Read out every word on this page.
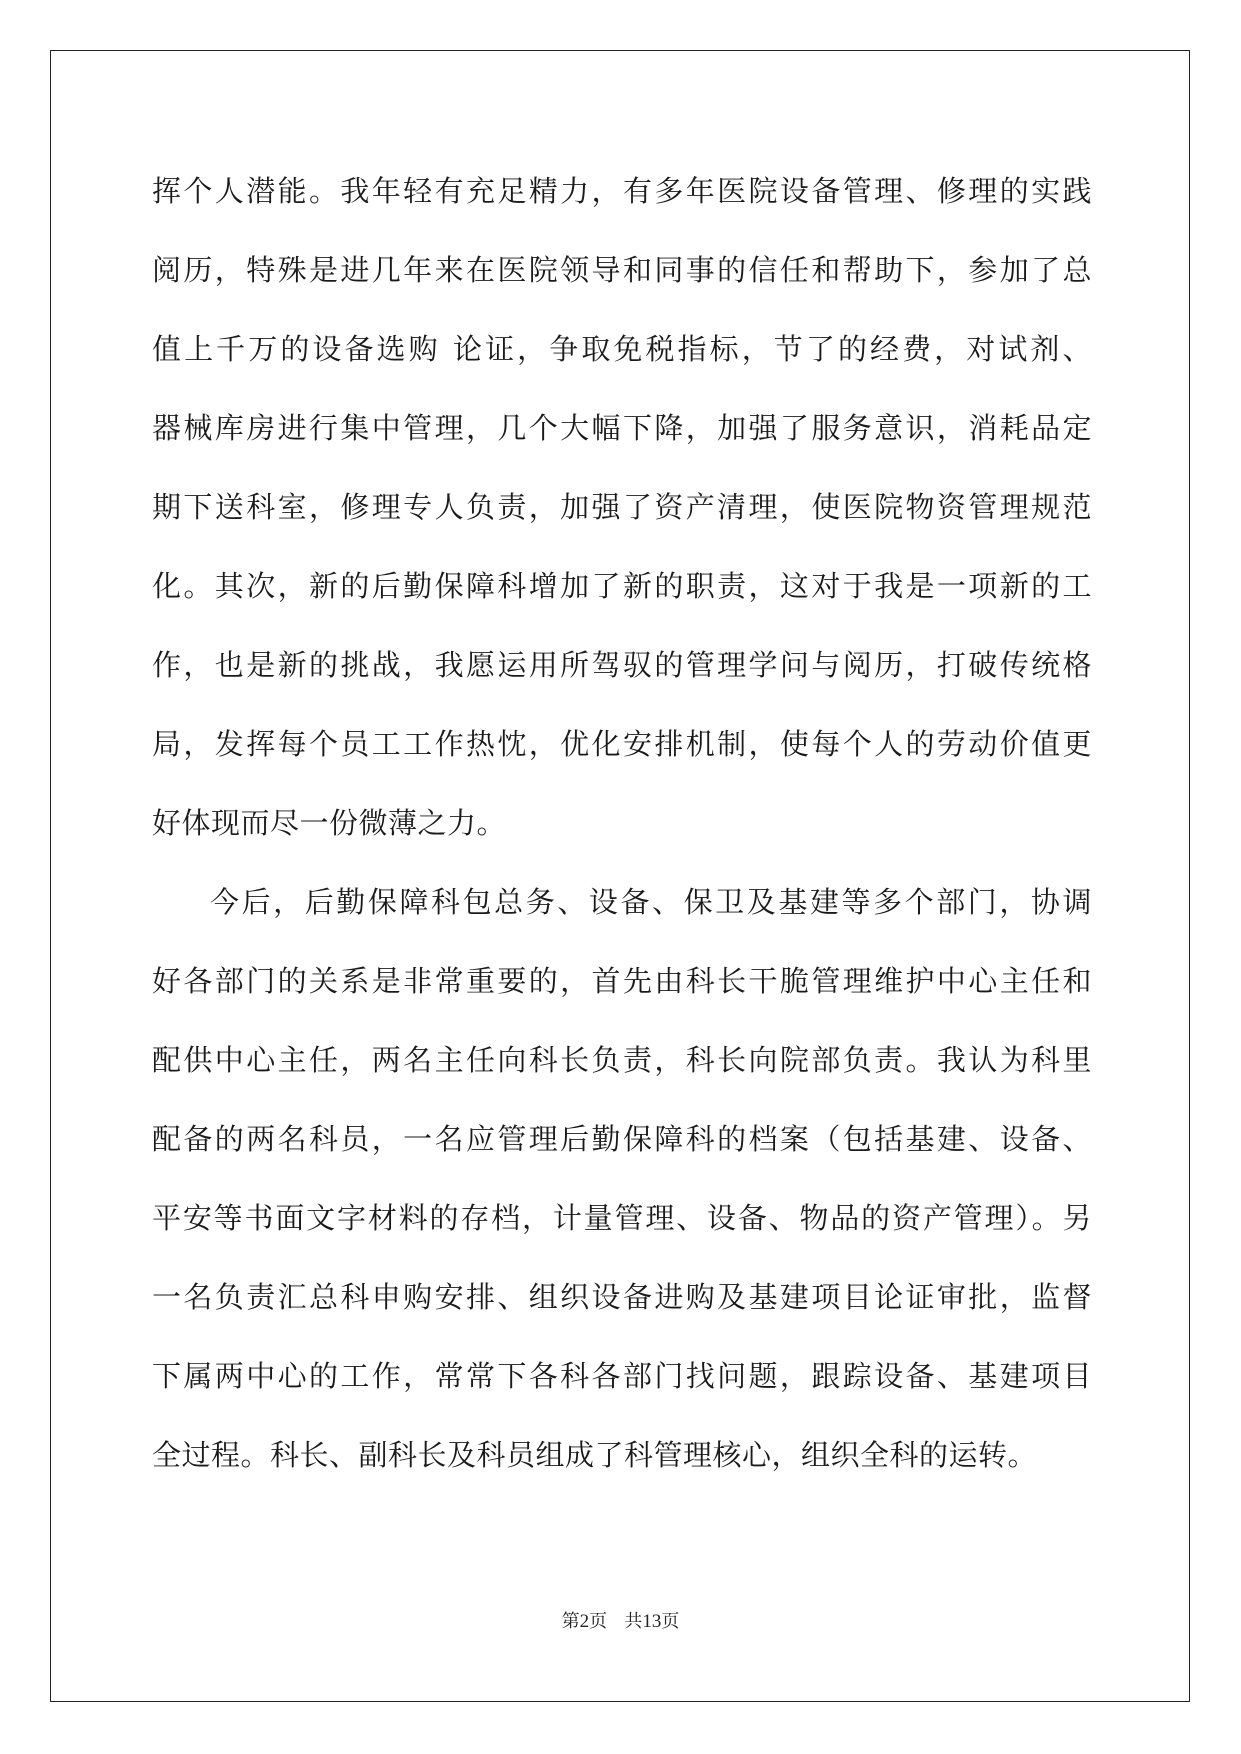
挥个人潜能。我年轻有充足精力，有多年医院设备管理、修理的实践
阅历，特殊是进几年来在医院领导和同事的信任和帮助下，参加了总
值上千万的设备选购 论证，争取免税指标，节了的经费，对试剂、
器械库房进行集中管理，几个大幅下降，加强了服务意识，消耗品定
期下送科室，修理专人负责，加强了资产清理，使医院物资管理规范
化。其次，新的后勤保障科增加了新的职责，这对于我是一项新的工
作，也是新的挑战，我愿运用所驾驭的管理学问与阅历，打破传统格
局，发挥每个员工工作热忱，优化安排机制，使每个人的劳动价值更
好体现而尽一份微薄之力。
今后，后勤保障科包总务、设备、保卫及基建等多个部门，协调
好各部门的关系是非常重要的，首先由科长干脆管理维护中心主任和
配供中心主任，两名主任向科长负责，科长向院部负责。我认为科里
配备的两名科员，一名应管理后勤保障科的档案（包括基建、设备、
平安等书面文字材料的存档，计量管理、设备、物品的资产管理）。另
一名负责汇总科申购安排、组织设备进购及基建项目论证审批，监督
下属两中心的工作，常常下各科各部门找问题，跟踪设备、基建项目
全过程。科长、副科长及科员组成了科管理核心，组织全科的运转。
第2页   共13页
